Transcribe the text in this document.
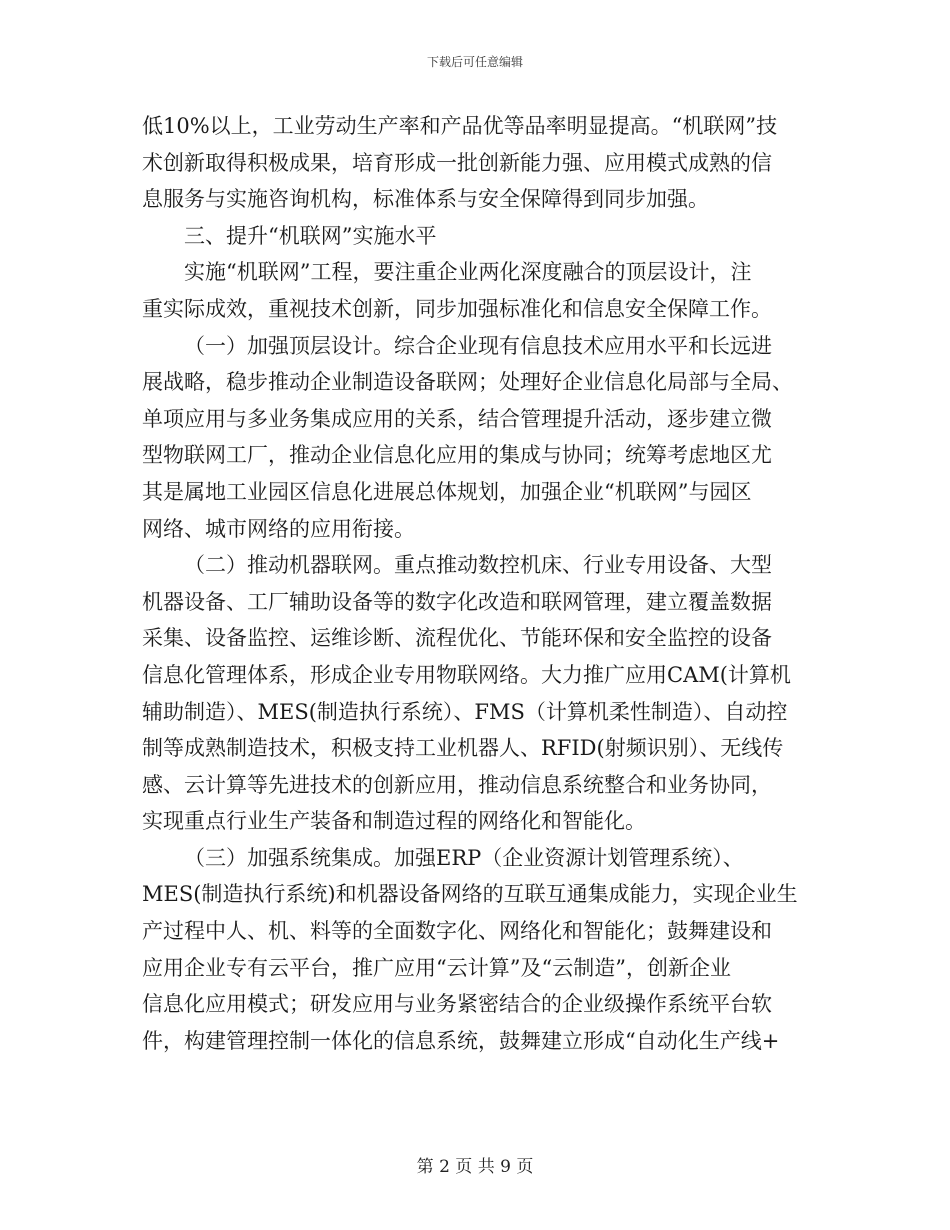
下载后可任意编辑
低10%以上，工业劳动生产率和产品优等品率明显提高。“机联网”技
术创新取得积极成果，培育形成一批创新能力强、应用模式成熟的信
息服务与实施咨询机构，标准体系与安全保障得到同步加强。
三、提升“机联网”实施水平
实施“机联网”工程，要注重企业两化深度融合的顶层设计，注
重实际成效，重视技术创新，同步加强标准化和信息安全保障工作。
（一）加强顶层设计。综合企业现有信息技术应用水平和长远进
展战略，稳步推动企业制造设备联网；处理好企业信息化局部与全局、
单项应用与多业务集成应用的关系，结合管理提升活动，逐步建立微
型物联网工厂，推动企业信息化应用的集成与协同；统筹考虑地区尤
其是属地工业园区信息化进展总体规划，加强企业“机联网”与园区
网络、城市网络的应用衔接。
（二）推动机器联网。重点推动数控机床、行业专用设备、大型
机器设备、工厂辅助设备等的数字化改造和联网管理，建立覆盖数据
采集、设备监控、运维诊断、流程优化、节能环保和安全监控的设备
信息化管理体系，形成企业专用物联网络。大力推广应用CAM(计算机
辅助制造）、MES(制造执行系统）、FMS（计算机柔性制造）、自动控
制等成熟制造技术，积极支持工业机器人、RFID(射频识别）、无线传
感、云计算等先进技术的创新应用，推动信息系统整合和业务协同，
实现重点行业生产装备和制造过程的网络化和智能化。
（三）加强系统集成。加强ERP（企业资源计划管理系统）、
MES(制造执行系统)和机器设备网络的互联互通集成能力，实现企业生
产过程中人、机、料等的全面数字化、网络化和智能化；鼓舞建设和
应用企业专有云平台，推广应用“云计算”及“云制造”，创新企业
信息化应用模式；研发应用与业务紧密结合的企业级操作系统平台软
件，构建管理控制一体化的信息系统，鼓舞建立形成“自动化生产线+
第 2 页 共 9 页
